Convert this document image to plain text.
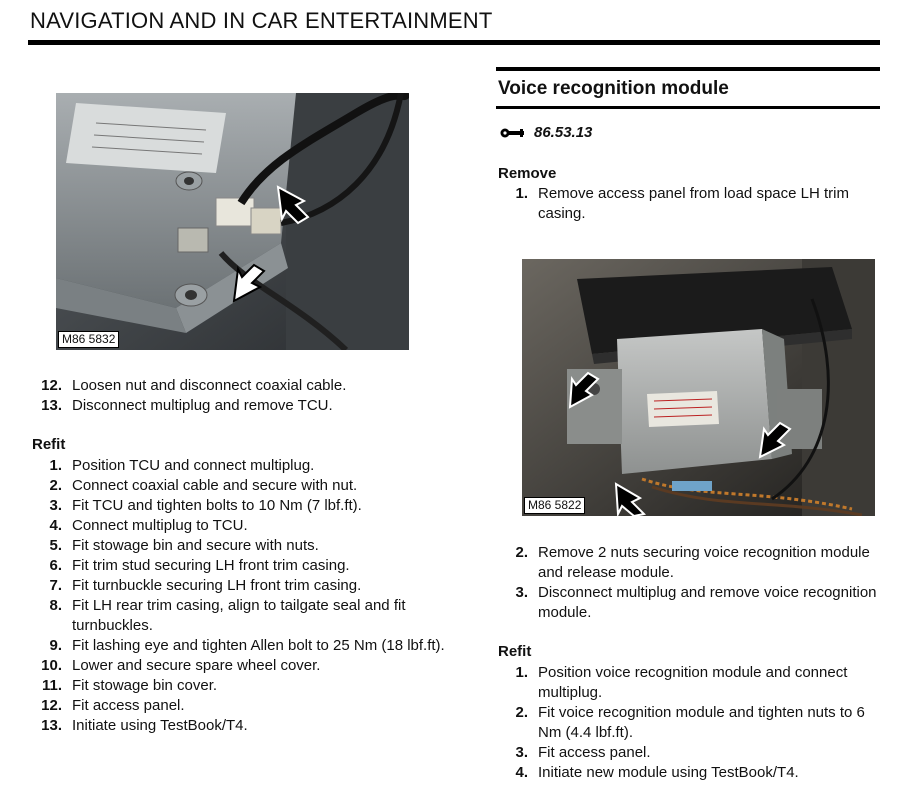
NAVIGATION AND IN CAR ENTERTAINMENT
M86 5832
12. Loosen nut and disconnect coaxial cable.
13. Disconnect multiplug and remove TCU.
Refit
1. Position TCU and connect multiplug.
2. Connect coaxial cable and secure with nut.
3. Fit TCU and tighten bolts to 10 Nm (7 lbf.ft).
4. Connect multiplug to TCU.
5. Fit stowage bin and secure with nuts.
6. Fit trim stud securing LH front trim casing.
7. Fit turnbuckle securing LH front trim casing.
8. Fit LH rear trim casing, align to tailgate seal and fit turnbuckles.
9. Fit lashing eye and tighten Allen bolt to 25 Nm (18 lbf.ft).
10. Lower and secure spare wheel cover.
11. Fit stowage bin cover.
12. Fit access panel.
13. Initiate using TestBook/T4.
Voice recognition module
86.53.13
Remove
1. Remove access panel from load space LH trim casing.
M86 5822
2. Remove 2 nuts securing voice recognition module and release module.
3. Disconnect multiplug and remove voice recognition module.
Refit
1. Position voice recognition module and connect multiplug.
2. Fit voice recognition module and tighten nuts to 6 Nm (4.4 lbf.ft).
3. Fit access panel.
4. Initiate new module using TestBook/T4.
